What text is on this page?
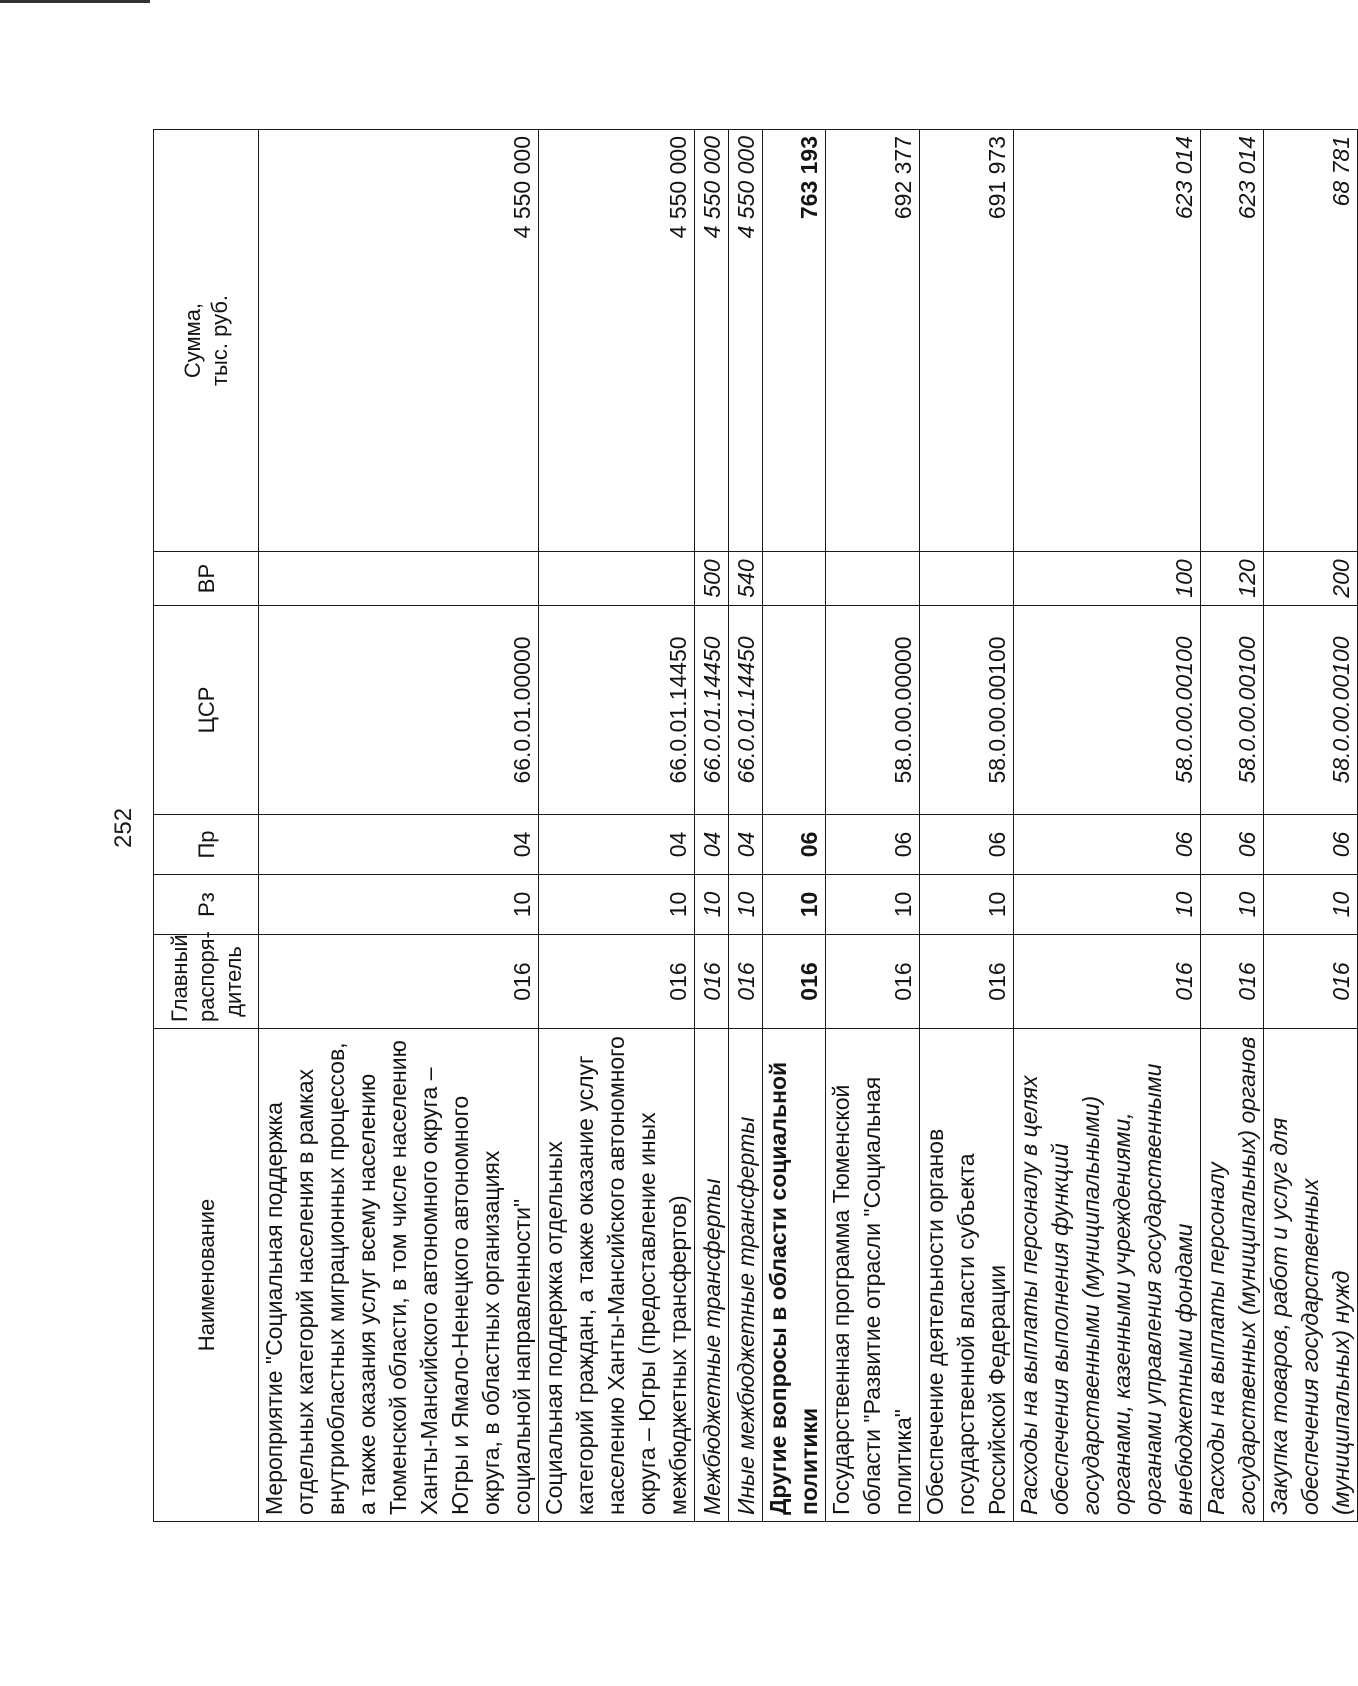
252
Наименование	Главный распоря- дитель	Рз	Пр	ЦСР	ВР	Сумма, тыс. руб.

Мероприятие "Социальная поддержка отдельных категорий населения в рамках внутриобластных миграционных процессов, а также оказания услуг всему населению Тюменской области, в том числе населению Ханты-Мансийского автономного округа – Югры и Ямало-Ненецкого автономного округа, в областных организациях социальной направленности"	016	10	04	66.0.01.00000		4 550 000
Социальная поддержка отдельных категорий граждан, а также оказание услуг населению Ханты-Мансийского автономного округа – Югры (предоставление иных межбюджетных трансфертов)	016	10	04	66.0.01.14450		4 550 000
Межбюджетные трансферты	016	10	04	66.0.01.14450	500	4 550 000
Иные межбюджетные трансферты	016	10	04	66.0.01.14450	540	4 550 000
Другие вопросы в области социальной политики	016	10	06			763 193
Государственная программа Тюменской области "Развитие отрасли "Социальная политика"	016	10	06	58.0.00.00000		692 377
Обеспечение деятельности органов государственной власти субъекта Российской Федерации	016	10	06	58.0.00.00100		691 973
Расходы на выплаты персоналу в целях обеспечения выполнения функций государственными (муниципальными) органами, казенными учреждениями, органами управления государственными внебюджетными фондами	016	10	06	58.0.00.00100	100	623 014
Расходы на выплаты персоналу государственных (муниципальных) органов	016	10	06	58.0.00.00100	120	623 014
Закупка товаров, работ и услуг для обеспечения государственных (муниципальных) нужд	016	10	06	58.0.00.00100	200	68 781
